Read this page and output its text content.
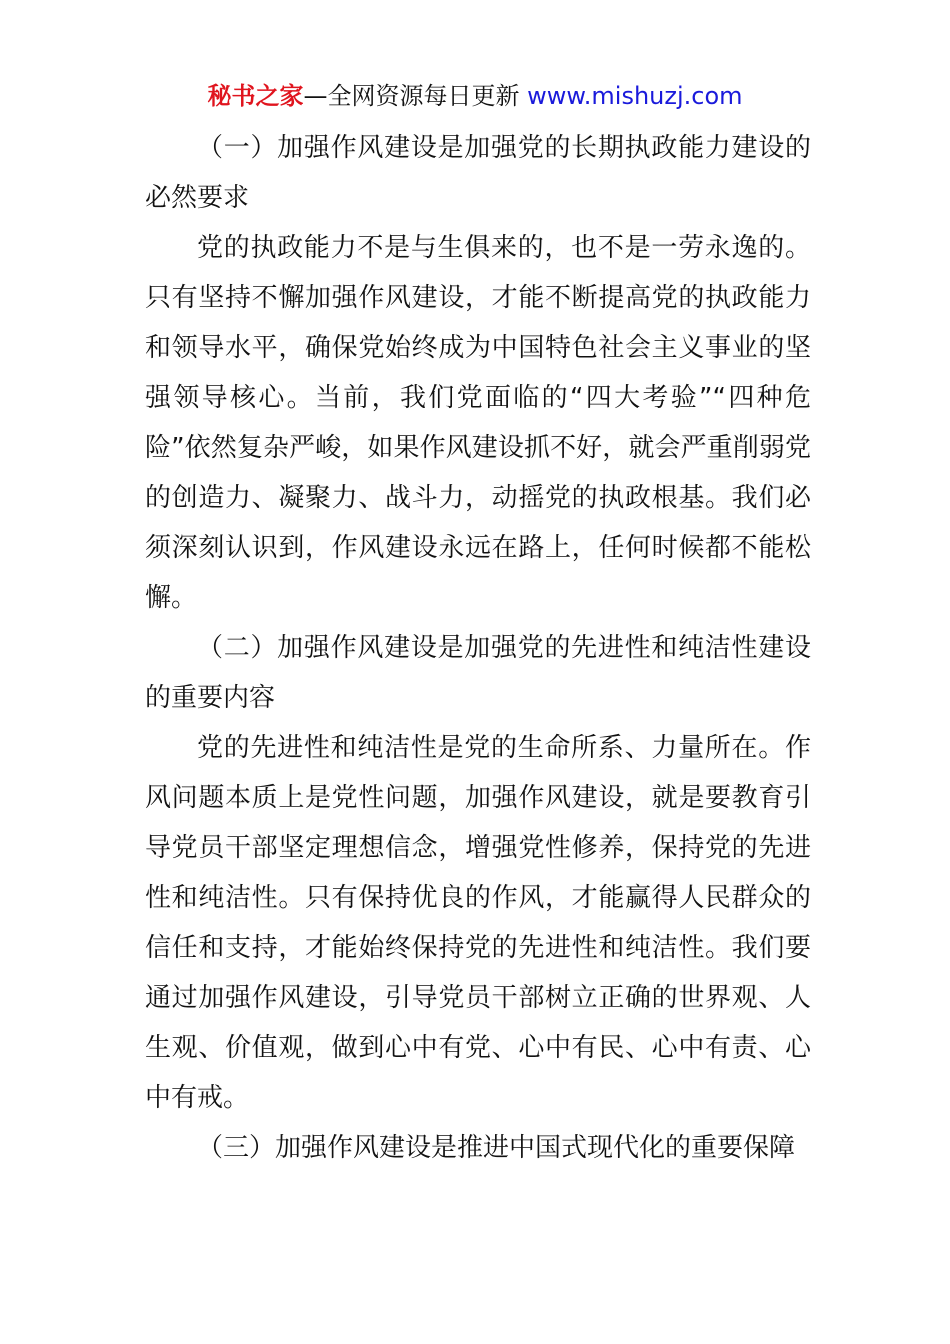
秘书之家—全网资源每日更新 www.mishuzj.com

（一）加强作风建设是加强党的长期执政能力建设的必然要求

党的执政能力不是与生俱来的，也不是一劳永逸的。只有坚持不懈加强作风建设，才能不断提高党的执政能力和领导水平，确保党始终成为中国特色社会主义事业的坚强领导核心。当前，我们党面临的“四大考验”“四种危险”依然复杂严峻，如果作风建设抓不好，就会严重削弱党的创造力、凝聚力、战斗力，动摇党的执政根基。我们必须深刻认识到，作风建设永远在路上，任何时候都不能松懈。

（二）加强作风建设是加强党的先进性和纯洁性建设的重要内容

党的先进性和纯洁性是党的生命所系、力量所在。作风问题本质上是党性问题，加强作风建设，就是要教育引导党员干部坚定理想信念，增强党性修养，保持党的先进性和纯洁性。只有保持优良的作风，才能赢得人民群众的信任和支持，才能始终保持党的先进性和纯洁性。我们要通过加强作风建设，引导党员干部树立正确的世界观、人生观、价值观，做到心中有党、心中有民、心中有责、心中有戒。

（三）加强作风建设是推进中国式现代化的重要保障
